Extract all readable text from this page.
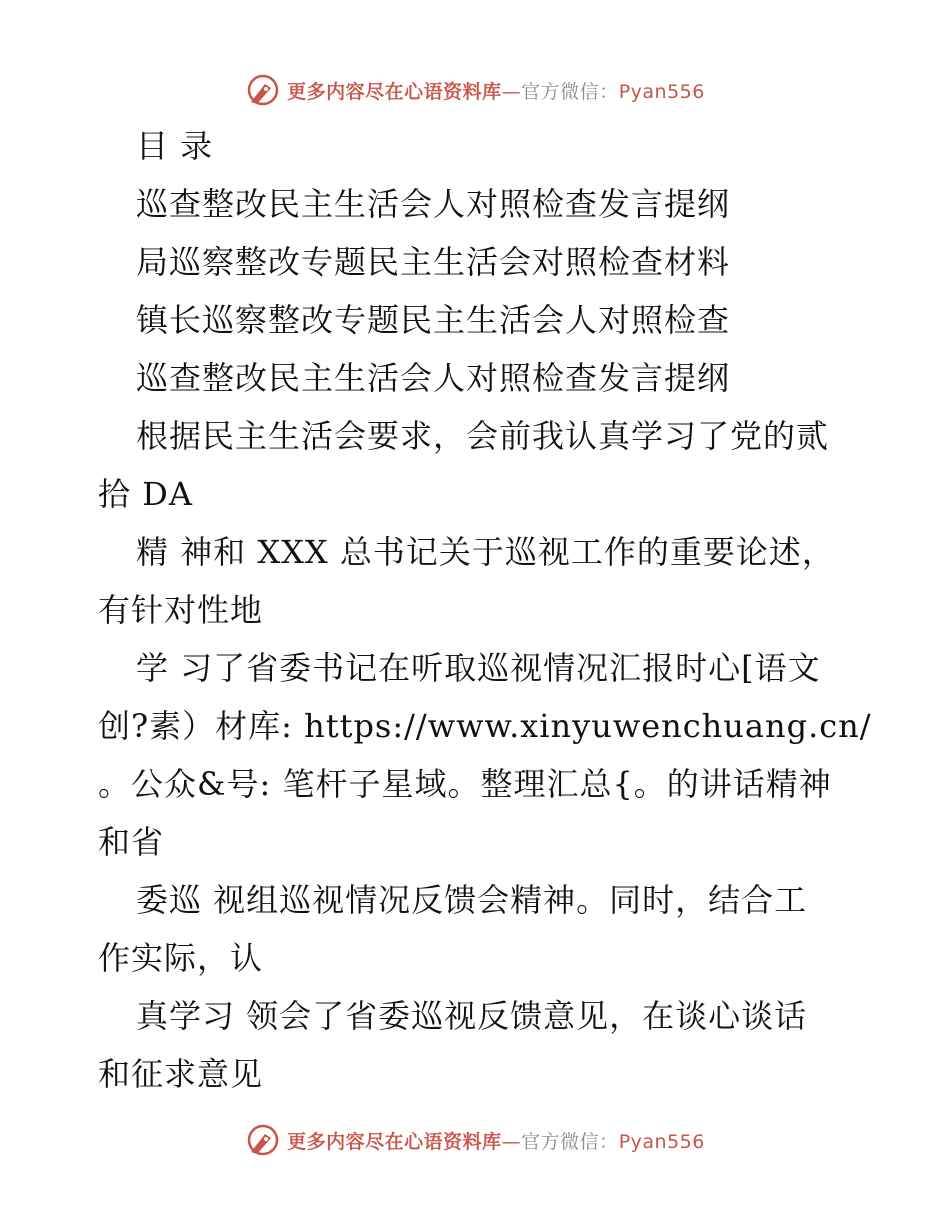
更多内容尽在心语资料库—官方微信：Pyan556
目 录
巡查整改民主生活会人对照检查发言提纲
局巡察整改专题民主生活会对照检查材料
镇长巡察整改专题民主生活会人对照检查
巡查整改民主生活会人对照检查发言提纲
根据民主生活会要求，会前我认真学习了党的贰
拾 DA
精 神和 XXX 总书记关于巡视工作的重要论述，
有针对性地
学 习了省委书记在听取巡视情况汇报时心[语文
创?素）材库: https://www.xinyuwenchuang.cn/
。公众&号: 笔杆子星域。整理汇总{。的讲话精神
和省
委巡 视组巡视情况反馈会精神。同时，结合工
作实际，认
真学习 领会了省委巡视反馈意见，在谈心谈话
和征求意见
更多内容尽在心语资料库—官方微信：Pyan556
